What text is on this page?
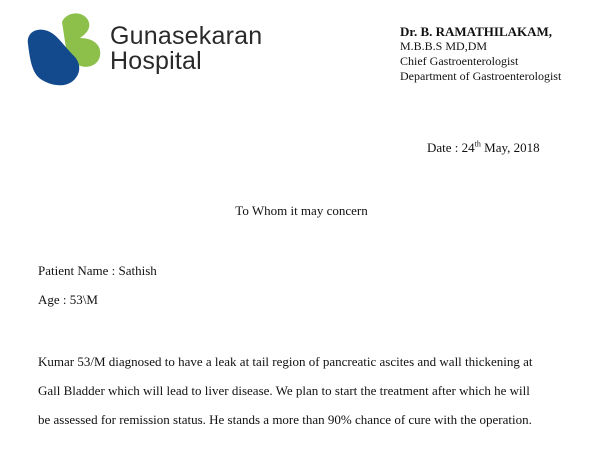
Gunasekaran
Hospital
Dr. B. RAMATHILAKAM,
M.B.B.S MD,DM
Chief Gastroenterologist
Department of Gastroenterologist
Date : 24th May, 2018
To Whom it may concern
Patient Name : Sathish
Age : 53\M
Kumar 53/M diagnosed to have a leak at tail region of pancreatic ascites and wall thickening at
Gall Bladder which will lead to liver disease. We plan to start the treatment after which he will
be assessed for remission status. He stands a more than 90% chance of cure with the operation.
